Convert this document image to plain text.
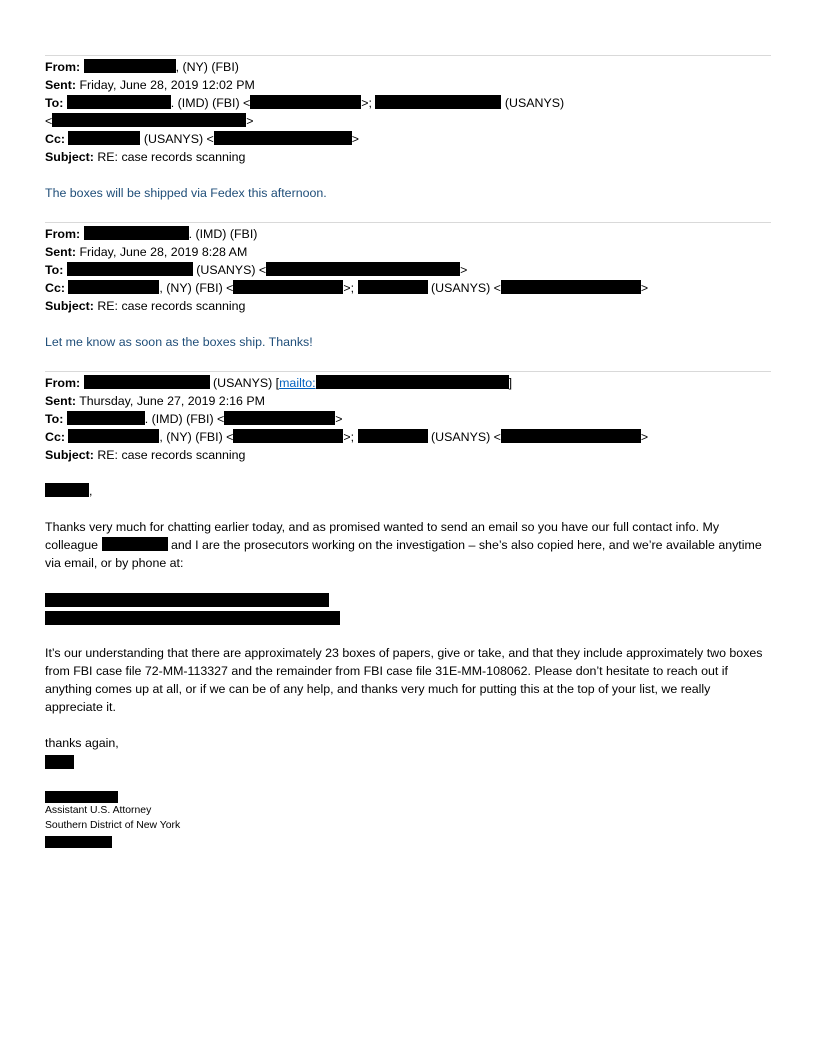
From:	, (NY) (FBI)
Sent: Friday, June 28, 2019 12:02 PM
To:	. (IMD) (FBI) <	>;	(USANYS)
<	>
Cc:	(USANYS) <	>
Subject: RE: case records scanning
The boxes will be shipped via Fedex this afternoon.
From:	. (IMD) (FBI)
Sent: Friday, June 28, 2019 8:28 AM
To:	(USANYS) <	>
Cc:	, (NY) (FBI) <	>;	(USANYS) <	>
Subject: RE: case records scanning
Let me know as soon as the boxes ship. Thanks!
From:	(USANYS) [mailto:	]
Sent: Thursday, June 27, 2019 2:16 PM
To:	. (IMD) (FBI) <	>
Cc:	, (NY) (FBI) <	>;	(USANYS) <	>
Subject: RE: case records scanning
,
Thanks very much for chatting earlier today, and as promised wanted to send an email so you have our full contact info. My colleague	and I are the prosecutors working on the investigation – she’s also copied here, and we’re available anytime via email, or by phone at:
It’s our understanding that there are approximately 23 boxes of papers, give or take, and that they include approximately two boxes from FBI case file 72-MM-113327 and the remainder from FBI case file 31E-MM-108062. Please don’t hesitate to reach out if anything comes up at all, or if we can be of any help, and thanks very much for putting this at the top of your list, we really appreciate it.
thanks again,
Assistant U.S. Attorney
Southern District of New York
